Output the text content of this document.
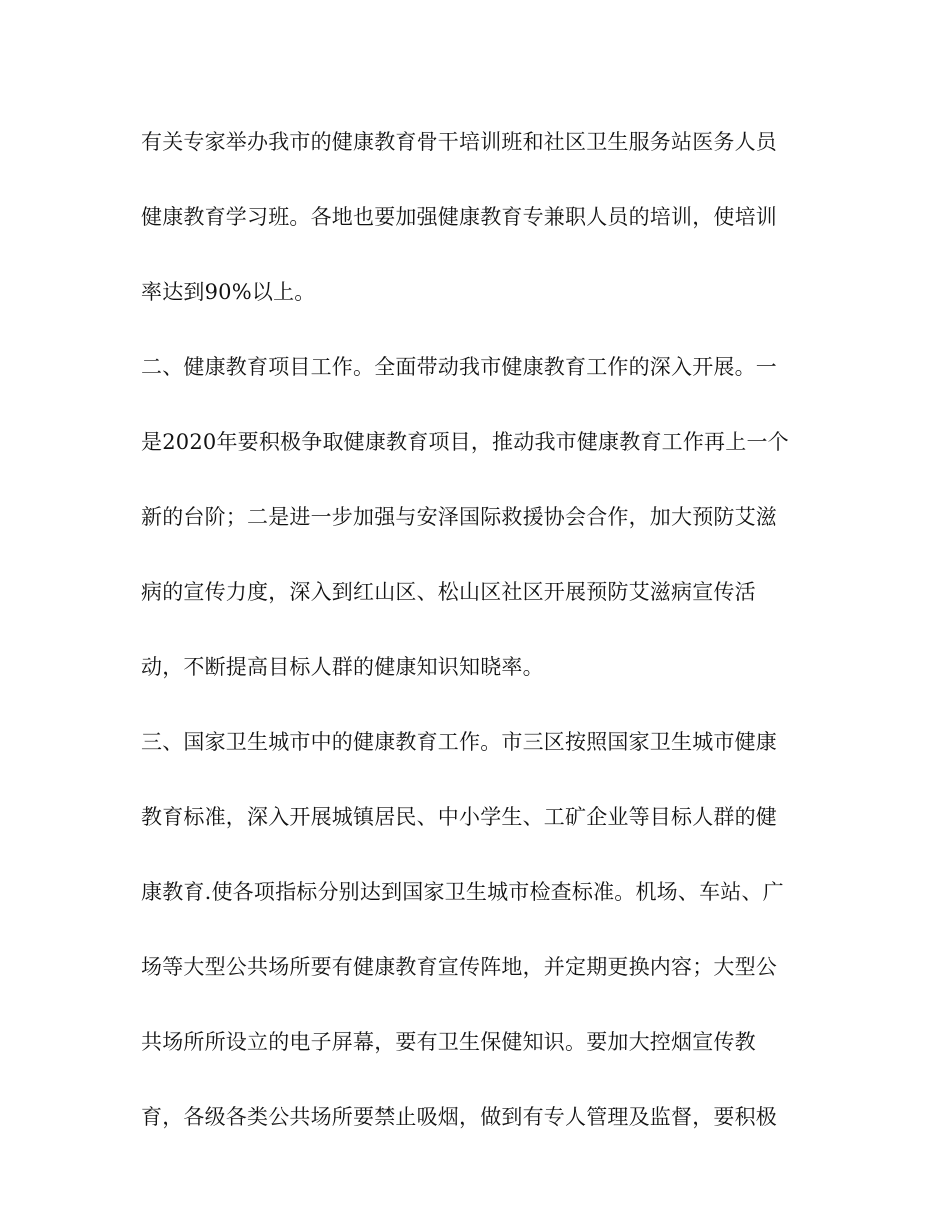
有关专家举办我市的健康教育骨干培训班和社区卫生服务站医务人员
健康教育学习班。各地也要加强健康教育专兼职人员的培训，使培训
率达到90%以上。
二、健康教育项目工作。全面带动我市健康教育工作的深入开展。一
是2020年要积极争取健康教育项目，推动我市健康教育工作再上一个
新的台阶；二是进一步加强与安泽国际救援协会合作，加大预防艾滋
病的宣传力度，深入到红山区、松山区社区开展预防艾滋病宣传活
动，不断提高目标人群的健康知识知晓率。
三、国家卫生城市中的健康教育工作。市三区按照国家卫生城市健康
教育标准，深入开展城镇居民、中小学生、工矿企业等目标人群的健
康教育.使各项指标分别达到国家卫生城市检查标准。机场、车站、广
场等大型公共场所要有健康教育宣传阵地，并定期更换内容；大型公
共场所所设立的电子屏幕，要有卫生保健知识。要加大控烟宣传教
育，各级各类公共场所要禁止吸烟，做到有专人管理及监督，要积极
